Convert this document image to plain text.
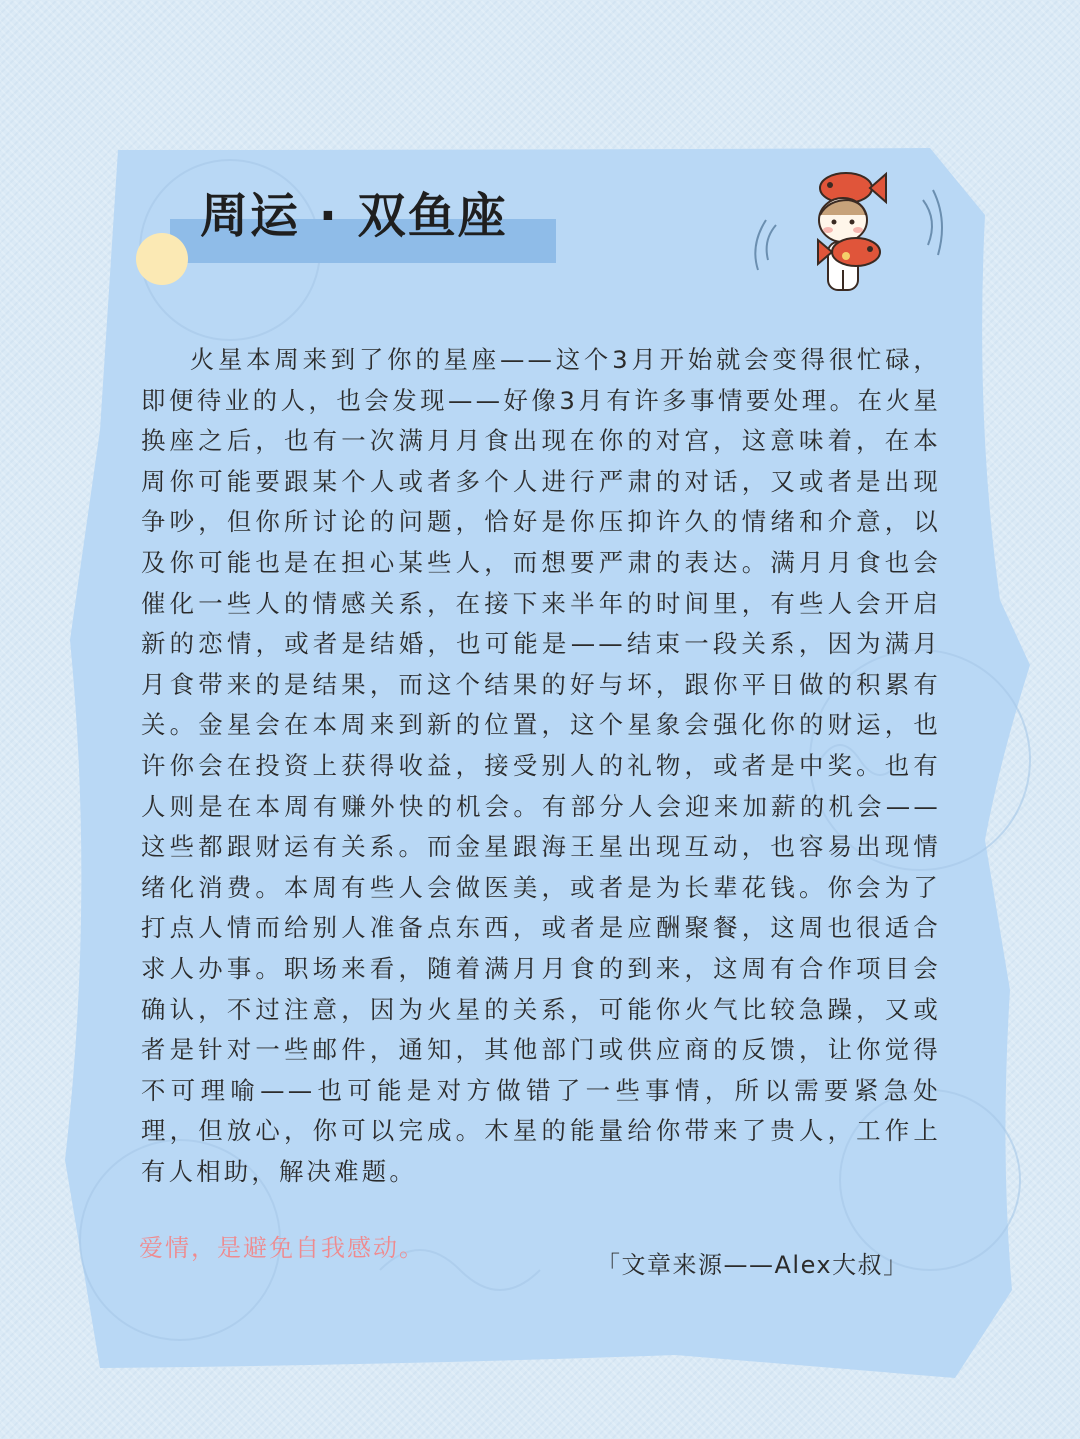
周运 · 双鱼座

火星本周来到了你的星座——这个3月开始就会变得很忙碌，即便待业的人，也会发现——好像3月有许多事情要处理。在火星换座之后，也有一次满月月食出现在你的对宫，这意味着，在本周你可能要跟某个人或者多个人进行严肃的对话，又或者是出现争吵，但你所讨论的问题，恰好是你压抑许久的情绪和介意，以及你可能也是在担心某些人，而想要严肃的表达。满月月食也会催化一些人的情感关系，在接下来半年的时间里，有些人会开启新的恋情，或者是结婚，也可能是——结束一段关系，因为满月月食带来的是结果，而这个结果的好与坏，跟你平日做的积累有关。金星会在本周来到新的位置，这个星象会强化你的财运，也许你会在投资上获得收益，接受别人的礼物，或者是中奖。也有人则是在本周有赚外快的机会。有部分人会迎来加薪的机会——这些都跟财运有关系。而金星跟海王星出现互动，也容易出现情绪化消费。本周有些人会做医美，或者是为长辈花钱。你会为了打点人情而给别人准备点东西，或者是应酬聚餐，这周也很适合求人办事。职场来看，随着满月月食的到来，这周有合作项目会确认，不过注意，因为火星的关系，可能你火气比较急躁，又或者是针对一些邮件，通知，其他部门或供应商的反馈，让你觉得不可理喻——也可能是对方做错了一些事情，所以需要紧急处理，但放心，你可以完成。木星的能量给你带来了贵人，工作上有人相助，解决难题。

爱情，是避免自我感动。

「文章来源——Alex大叔」
